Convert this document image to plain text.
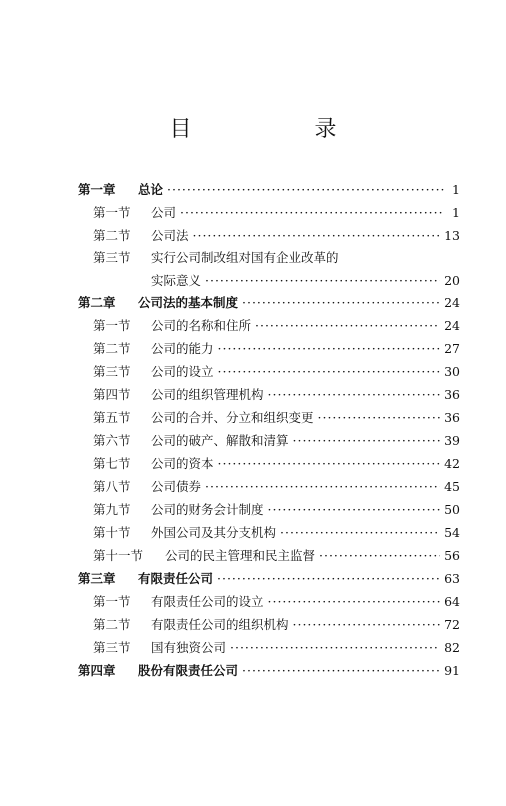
目 录
第一章	总论 ·····	1
第一节	公司 ·····	1
第二节	公司法 ·····	13
第三节	实行公司制改组对国有企业改革的
实际意义 ·····	20
第二章	公司法的基本制度 ·····	24
第一节	公司的名称和住所 ·····	24
第二节	公司的能力 ·····	27
第三节	公司的设立 ·····	30
第四节	公司的组织管理机构 ·····	36
第五节	公司的合并、分立和组织变更 ·····	36
第六节	公司的破产、解散和清算 ·····	39
第七节	公司的资本 ·····	42
第八节	公司债券 ·····	45
第九节	公司的财务会计制度 ·····	50
第十节	外国公司及其分支机构 ·····	54
第十一节	公司的民主管理和民主监督 ·····	56
第三章	有限责任公司 ·····	63
第一节	有限责任公司的设立 ·····	64
第二节	有限责任公司的组织机构 ·····	72
第三节	国有独资公司 ·····	82
第四章	股份有限责任公司 ·····	91
